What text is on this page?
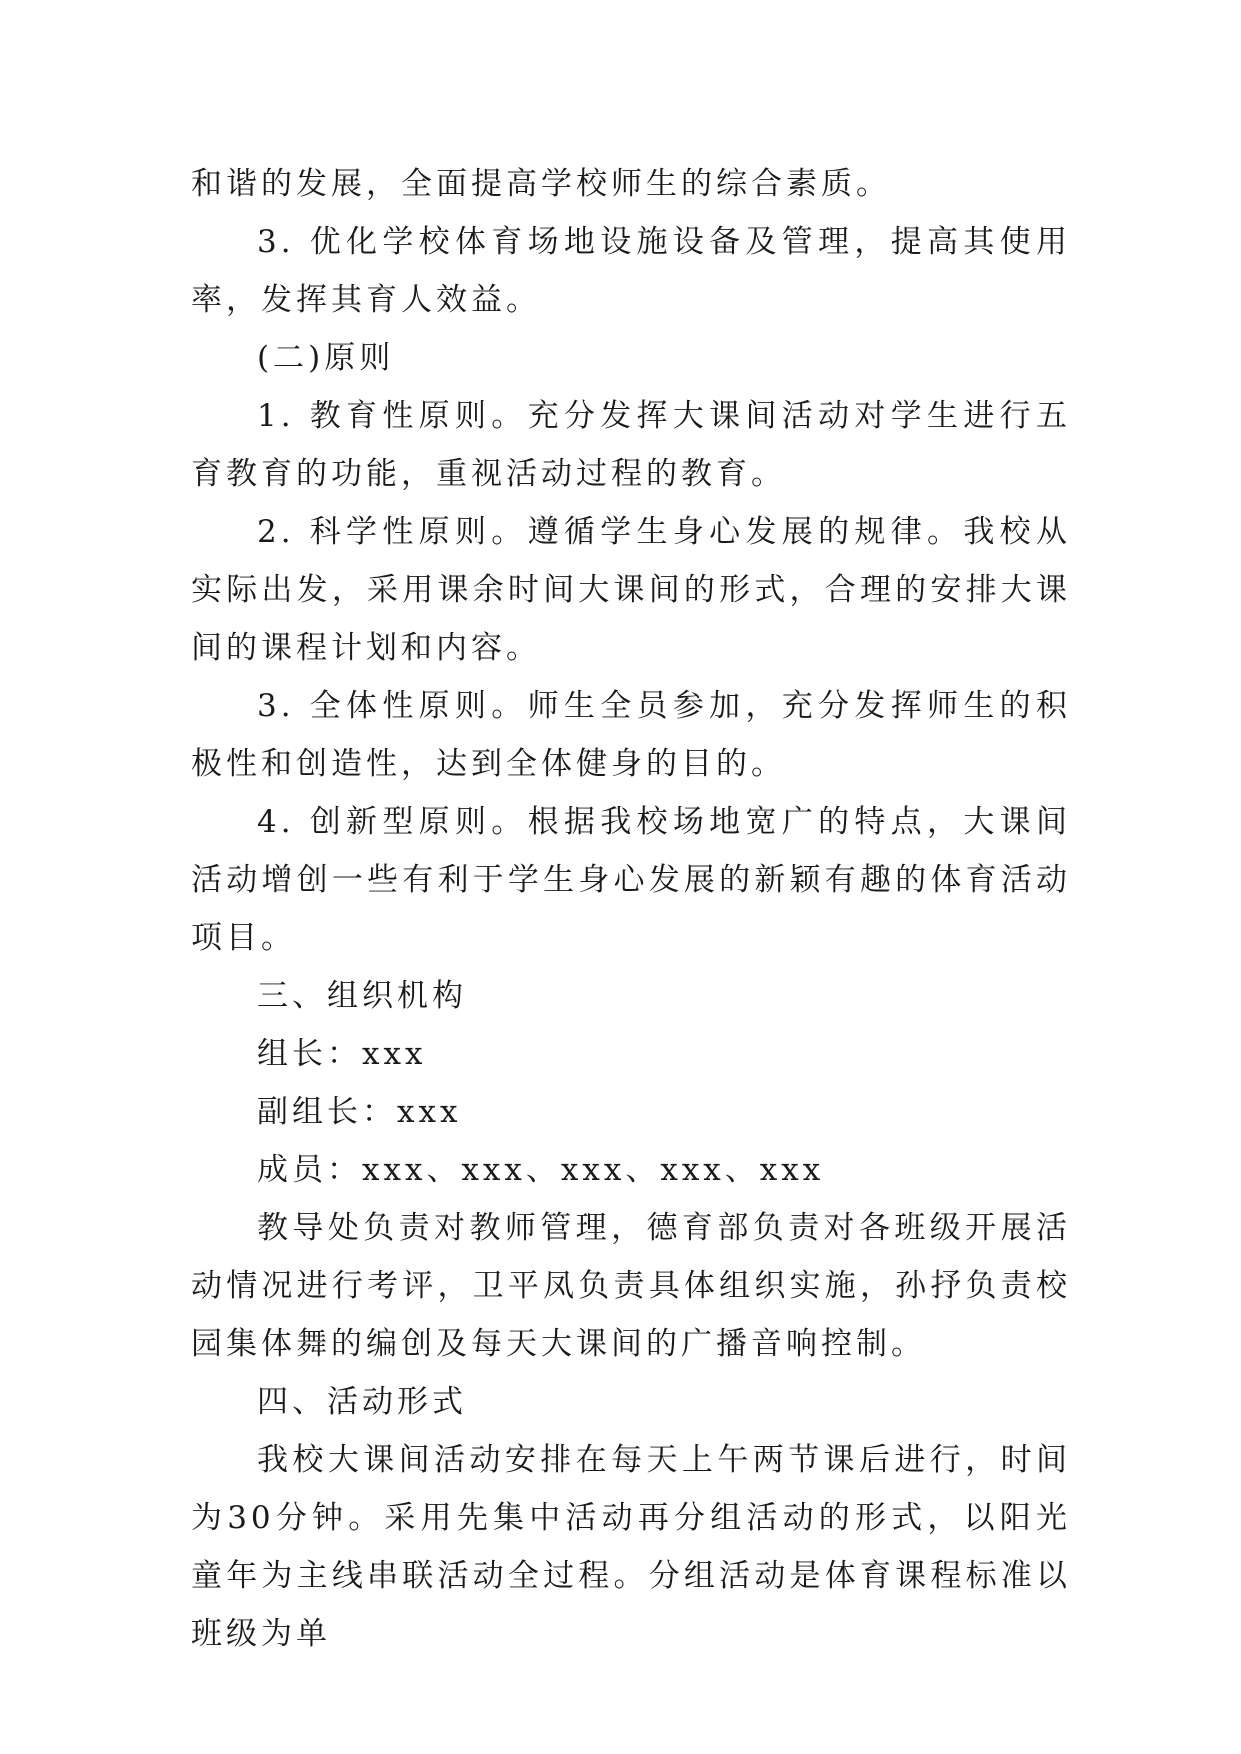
和谐的发展，全面提高学校师生的综合素质。

3. 优化学校体育场地设施设备及管理，提高其使用率，发挥其育人效益。

(二)原则

1. 教育性原则。充分发挥大课间活动对学生进行五育教育的功能，重视活动过程的教育。

2. 科学性原则。遵循学生身心发展的规律。我校从实际出发，采用课余时间大课间的形式，合理的安排大课间的课程计划和内容。

3. 全体性原则。师生全员参加，充分发挥师生的积极性和创造性，达到全体健身的目的。

4. 创新型原则。根据我校场地宽广的特点，大课间活动增创一些有利于学生身心发展的新颖有趣的体育活动项目。

三、组织机构

组长：xxx

副组长：xxx

成员：xxx、xxx、xxx、xxx、xxx

教导处负责对教师管理，德育部负责对各班级开展活动情况进行考评，卫平凤负责具体组织实施，孙抒负责校园集体舞的编创及每天大课间的广播音响控制。

四、活动形式

我校大课间活动安排在每天上午两节课后进行，时间为30分钟。采用先集中活动再分组活动的形式，以阳光童年为主线串联活动全过程。分组活动是体育课程标准以班级为单
